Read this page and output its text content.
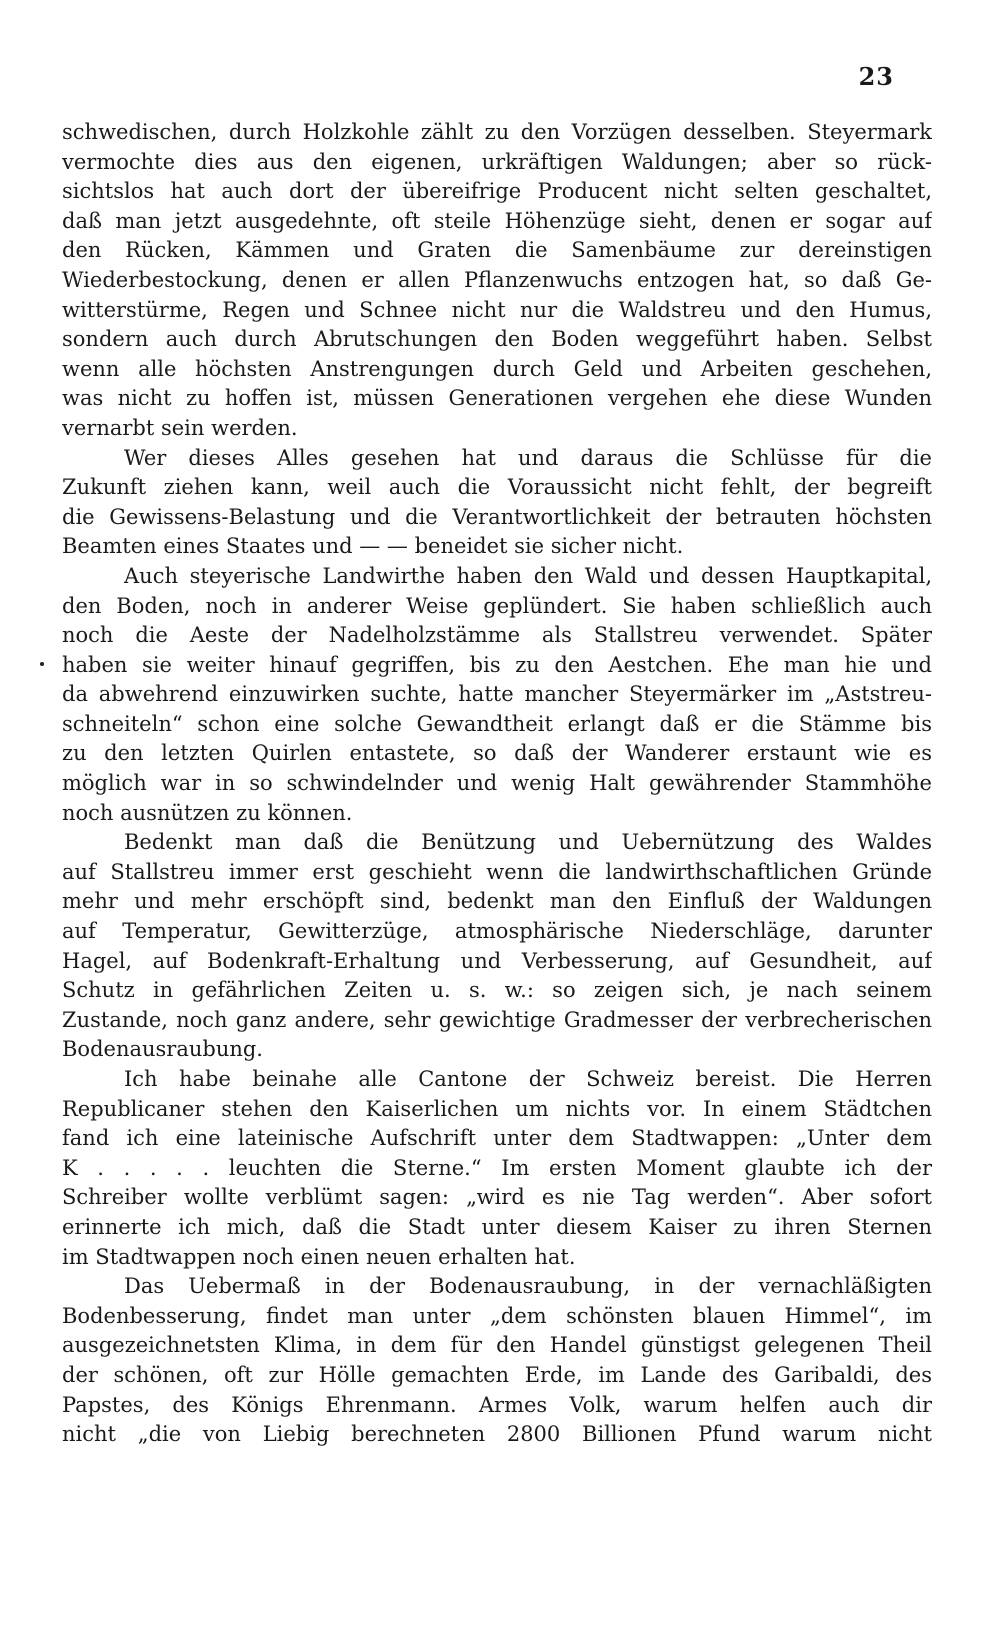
23
schwedischen, durch Holzkohle zählt zu den Vorzügen desselben. Steyermark
vermochte dies aus den eigenen, urkräftigen Waldungen; aber so rück-
sichtslos hat auch dort der übereifrige Producent nicht selten geschaltet,
daß man jetzt ausgedehnte, oft steile Höhenzüge sieht, denen er sogar auf
den Rücken, Kämmen und Graten die Samenbäume zur dereinstigen
Wiederbestockung, denen er allen Pflanzenwuchs entzogen hat, so daß Ge-
witterstürme, Regen und Schnee nicht nur die Waldstreu und den Humus,
sondern auch durch Abrutschungen den Boden weggeführt haben. Selbst
wenn alle höchsten Anstrengungen durch Geld und Arbeiten geschehen,
was nicht zu hoffen ist, müssen Generationen vergehen ehe diese Wunden
vernarbt sein werden.
Wer dieses Alles gesehen hat und daraus die Schlüsse für die
Zukunft ziehen kann, weil auch die Voraussicht nicht fehlt, der begreift
die Gewissens-Belastung und die Verantwortlichkeit der betrauten höchsten
Beamten eines Staates und — — beneidet sie sicher nicht.
Auch steyerische Landwirthe haben den Wald und dessen Hauptkapital,
den Boden, noch in anderer Weise geplündert. Sie haben schließlich auch
noch die Aeste der Nadelholzstämme als Stallstreu verwendet. Später
haben sie weiter hinauf gegriffen, bis zu den Aestchen. Ehe man hie und
da abwehrend einzuwirken suchte, hatte mancher Steyermärker im „Aststreu-
schneiteln“ schon eine solche Gewandtheit erlangt daß er die Stämme bis
zu den letzten Quirlen entastete, so daß der Wanderer erstaunt wie es
möglich war in so schwindelnder und wenig Halt gewährender Stammhöhe
noch ausnützen zu können.
Bedenkt man daß die Benützung und Uebernützung des Waldes
auf Stallstreu immer erst geschieht wenn die landwirthschaftlichen Gründe
mehr und mehr erschöpft sind, bedenkt man den Einfluß der Waldungen
auf Temperatur, Gewitterzüge, atmosphärische Niederschläge, darunter
Hagel, auf Bodenkraft-Erhaltung und Verbesserung, auf Gesundheit, auf
Schutz in gefährlichen Zeiten u. s. w.: so zeigen sich, je nach seinem
Zustande, noch ganz andere, sehr gewichtige Gradmesser der verbrecherischen
Bodenausraubung.
Ich habe beinahe alle Cantone der Schweiz bereist. Die Herren
Republicaner stehen den Kaiserlichen um nichts vor. In einem Städtchen
fand ich eine lateinische Aufschrift unter dem Stadtwappen: „Unter dem
K . . . . . leuchten die Sterne.“ Im ersten Moment glaubte ich der
Schreiber wollte verblümt sagen: „wird es nie Tag werden“. Aber sofort
erinnerte ich mich, daß die Stadt unter diesem Kaiser zu ihren Sternen
im Stadtwappen noch einen neuen erhalten hat.
Das Uebermaß in der Bodenausraubung, in der vernachläßigten
Bodenbesserung, findet man unter „dem schönsten blauen Himmel“, im
ausgezeichnetsten Klima, in dem für den Handel günstigst gelegenen Theil
der schönen, oft zur Hölle gemachten Erde, im Lande des Garibaldi, des
Papstes, des Königs Ehrenmann. Armes Volk, warum helfen auch dir
nicht „die von Liebig berechneten 2800 Billionen Pfund warum nicht
